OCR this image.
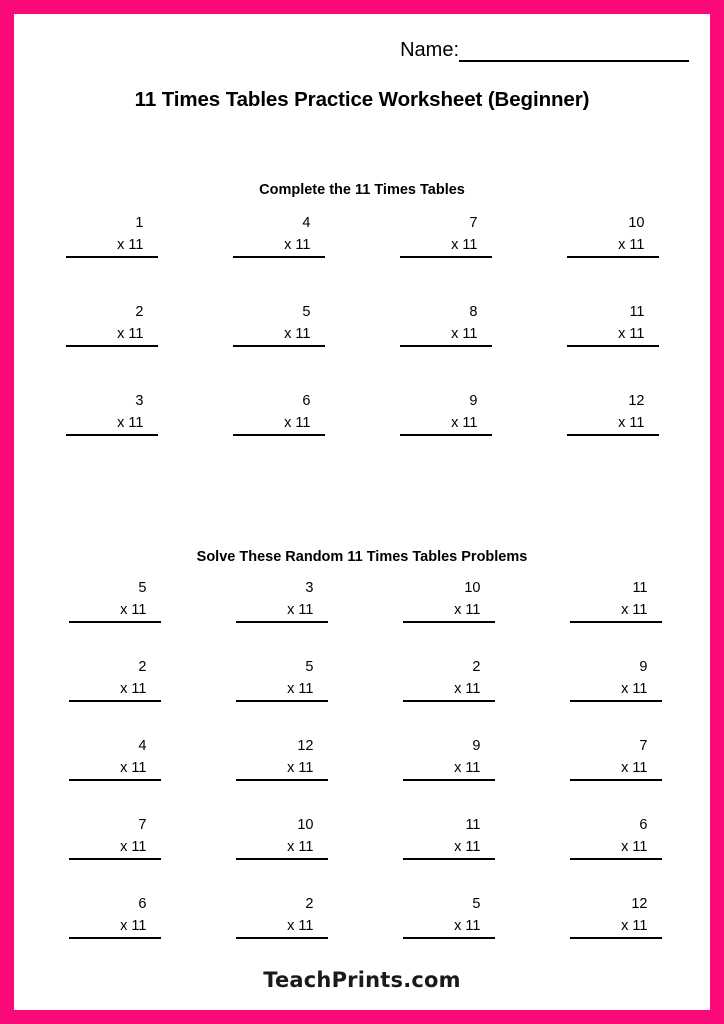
Name:
11 Times Tables Practice Worksheet (Beginner)
Complete the 11 Times Tables
1
x 11
4
x 11
7
x 11
10
x 11
2
x 11
5
x 11
8
x 11
11
x 11
3
x 11
6
x 11
9
x 11
12
x 11
Solve These Random 11 Times Tables Problems
5
x 11
3
x 11
10
x 11
11
x 11
2
x 11
5
x 11
2
x 11
9
x 11
4
x 11
12
x 11
9
x 11
7
x 11
7
x 11
10
x 11
11
x 11
6
x 11
6
x 11
2
x 11
5
x 11
12
x 11
TeachPrints.com
